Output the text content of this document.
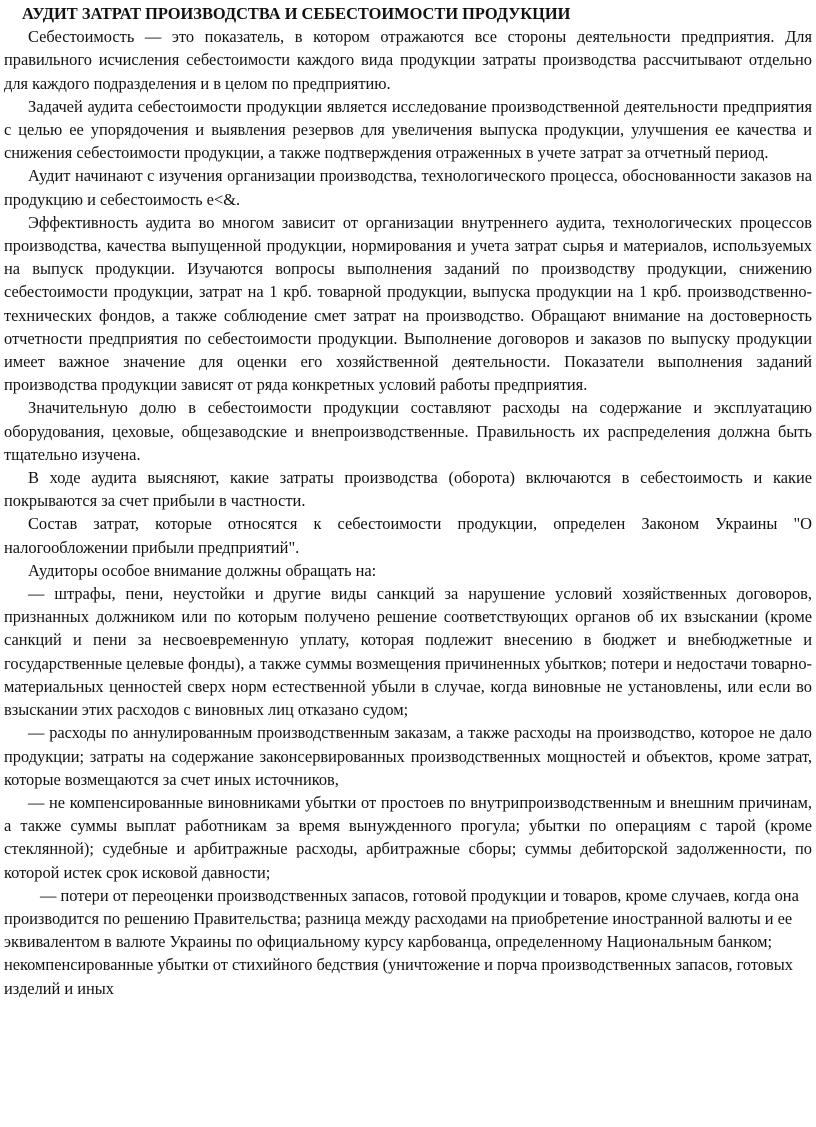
АУДИТ ЗАТРАТ ПРОИЗВОДСТВА И СЕБЕСТОИМОСТИ ПРОДУКЦИИ

Себестоимость — это показатель, в котором отражаются все стороны деятельности предприятия. Для правильного исчисления себестоимости каждого вида продукции затраты производства рассчитывают отдельно для каждого подразделения и в целом по предприятию.

Задачей аудита себестоимости продукции является исследование производственной деятельности предприятия с целью ее упорядочения и выявления резервов для увеличения выпуска продукции, улучшения ее качества и снижения себестоимости продукции, а также подтверждения отраженных в учете затрат за отчетный период.

Аудит начинают с изучения организации производства, технологического процесса, обоснованности заказов на продукцию и себестоимость е<&.

Эффективность аудита во многом зависит от организации внутреннего аудита, технологических процессов производства, качества выпущенной продукции, нормирования и учета затрат сырья и материалов, используемых на выпуск продукции. Изучаются вопросы выполнения заданий по производству продукции, снижению себестоимости продукции, затрат на 1 крб. товарной продукции, выпуска продукции на 1 крб. производственно-технических фондов, а также соблюдение смет затрат на производство. Обращают внимание на достоверность отчетности предприятия по себестоимости продукции. Выполнение договоров и заказов по выпуску продукции имеет важное значение для оценки его хозяйственной деятельности. Показатели выполнения заданий производства продукции зависят от ряда конкретных условий работы предприятия.

Значительную долю в себестоимости продукции составляют расходы на содержание и эксплуатацию оборудования, цеховые, общезаводские и внепроизводственные. Правильность их распределения должна быть тщательно изучена.

В ходе аудита выясняют, какие затраты производства (оборота) включаются в себестоимость и какие покрываются за счет прибыли в частности.

Состав затрат, которые относятся к себестоимости продукции, определен Законом Украины "О налогообложении прибыли предприятий".

Аудиторы особое внимание должны обращать на:

— штрафы, пени, неустойки и другие виды санкций за нарушение условий хозяйственных договоров, признанных должником или по которым получено решение соответствующих органов об их взыскании (кроме санкций и пени за несвоевременную уплату, которая подлежит внесению в бюджет и внебюджетные и государственные целевые фонды), а также суммы возмещения причиненных убытков; потери и недостачи товарно-материальных ценностей сверх норм естественной убыли в случае, когда виновные не установлены, или если во взыскании этих расходов с виновных лиц отказано судом;

— расходы по аннулированным производственным заказам, а также расходы на производство, которое не дало продукции; затраты на содержание законсервированных производственных мощностей и объектов, кроме затрат, которые возмещаются за счет иных источников,

— не компенсированные виновниками убытки от простоев по внутрипроизводственным и внешним причинам, а также суммы выплат работникам за время вынужденного прогула; убытки по операциям с тарой (кроме стеклянной); судебные и арбитражные расходы, арбитражные сборы; суммы дебиторской задолженности, по которой истек срок исковой давности;

— потери от переоценки производственных запасов, готовой продукции и товаров, кроме случаев, когда она производится по решению Правительства; разница между расходами на приобретение иностранной валюты и ее эквивалентом в валюте Украины по официальному курсу карбованца, определенному Национальным банком; некомпенсированные убытки от стихийного бедствия (уничтожение и порча производственных запасов, готовых изделий и иных
